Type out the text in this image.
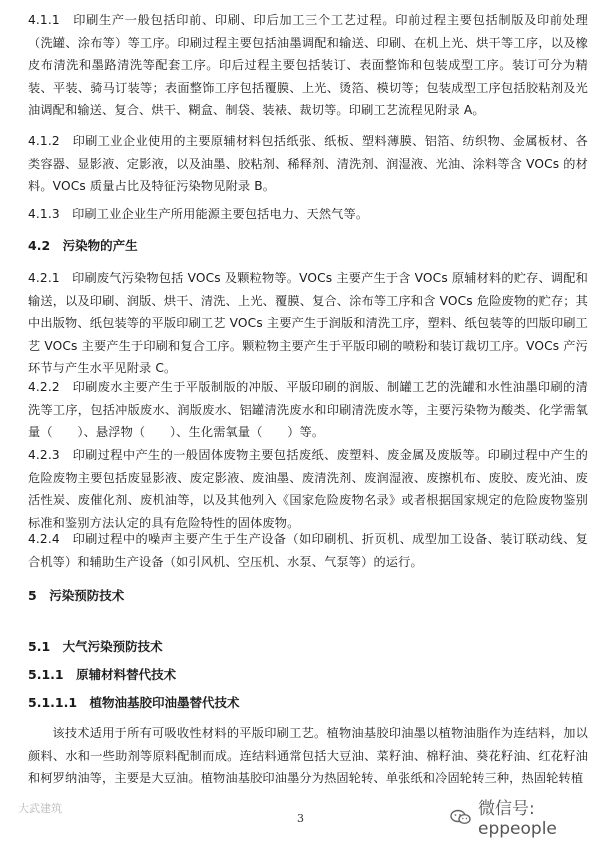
4.1.1　印刷生产一般包括印前、印刷、印后加工三个工艺过程。印前过程主要包括制版及印前处理（洗罐、涂布等）等工序。印刷过程主要包括油墨调配和输送、印刷、在机上光、烘干等工序，以及橡皮布清洗和墨路清洗等配套工序。印后过程主要包括装订、表面整饰和包装成型工序。装订可分为精装、平装、骑马订装等；表面整饰工序包括覆膜、上光、烫箔、模切等；包装成型工序包括胶粘剂及光油调配和输送、复合、烘干、糊盒、制袋、装裱、裁切等。印刷工艺流程见附录 A。
4.1.2　印刷工业企业使用的主要原辅材料包括纸张、纸板、塑料薄膜、铝箔、纺织物、金属板材、各类容器、显影液、定影液，以及油墨、胶粘剂、稀释剂、清洗剂、润湿液、光油、涂料等含 VOCs 的材料。VOCs 质量占比及特征污染物见附录 B。
4.1.3　印刷工业企业生产所用能源主要包括电力、天然气等。
4.2　污染物的产生
4.2.1　印刷废气污染物包括 VOCs 及颗粒物等。VOCs 主要产生于含 VOCs 原辅材料的贮存、调配和输送，以及印刷、润版、烘干、清洗、上光、覆膜、复合、涂布等工序和含 VOCs 危险废物的贮存；其中出版物、纸包装等的平版印刷工艺 VOCs 主要产生于润版和清洗工序，塑料、纸包装等的凹版印刷工艺 VOCs 主要产生于印刷和复合工序。颗粒物主要产生于平版印刷的喷粉和装订裁切工序。VOCs 产污环节与产生水平见附录 C。
4.2.2　印刷废水主要产生于平版制版的冲版、平版印刷的润版、制罐工艺的洗罐和水性油墨印刷的清洗等工序，包括冲版废水、润版废水、铝罐清洗废水和印刷清洗废水等，主要污染物为酸类、化学需氧量（　　）、悬浮物（　　）、生化需氧量（　　）等。
4.2.3　印刷过程中产生的一般固体废物主要包括废纸、废塑料、废金属及废版等。印刷过程中产生的危险废物主要包括废显影液、废定影液、废油墨、废清洗剂、废润湿液、废擦机布、废胶、废光油、废活性炭、废催化剂、废机油等，以及其他列入《国家危险废物名录》或者根据国家规定的危险废物鉴别标准和鉴别方法认定的具有危险特性的固体废物。
4.2.4　印刷过程中的噪声主要产生于生产设备（如印刷机、折页机、成型加工设备、装订联动线、复合机等）和辅助生产设备（如引风机、空压机、水泵、气泵等）的运行。
5　污染预防技术
5.1　大气污染预防技术
5.1.1　原辅材料替代技术
5.1.1.1　植物油基胶印油墨替代技术
该技术适用于所有可吸收性材料的平版印刷工艺。植物油基胶印油墨以植物油脂作为连结料，加以颜料、水和一些助剂等原料配制而成。连结料通常包括大豆油、菜籽油、棉籽油、葵花籽油、红花籽油和柯罗纳油等，主要是大豆油。植物油基胶印油墨分为热固轮转、单张纸和冷固轮转三种，热固轮转植
大武建筑	微信号: eppeople
3
